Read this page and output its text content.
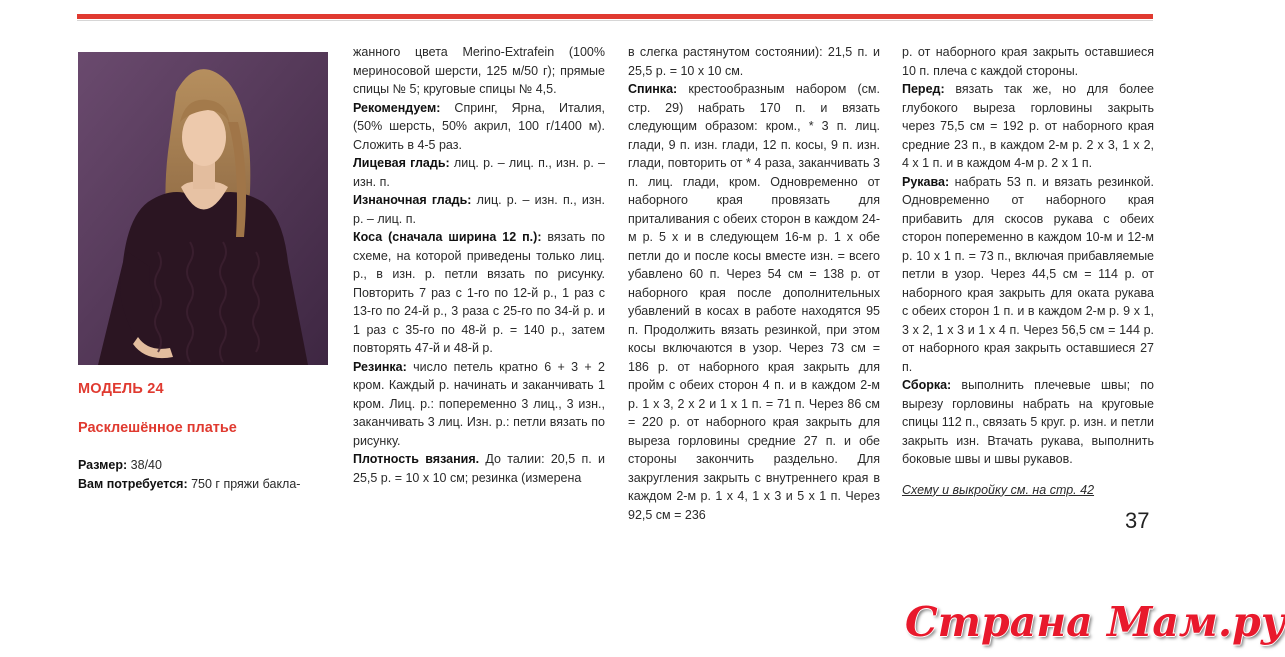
МОДЕЛЬ 24
Расклешённое платье
Размер: 38/40
Вам потребуется: 750 г пряжи бакла-

жанного цвета Merino-Extrafein (100% мериносовой шерсти, 125 м/50 г); прямые спицы № 5; круговые спицы № 4,5.

Рекомендуем: Спринг, Ярна, Италия, (50% шерсть, 50% акрил, 100 г/1400 м). Сложить в 4-5 раз.

Лицевая гладь: лиц. р. – лиц. п., изн. р. – изн. п.

Изнаночная гладь: лиц. р. – изн. п., изн. р. – лиц. п.

Коса (сначала ширина 12 п.): вязать по схеме, на которой приведены только лиц. р., в изн. р. петли вязать по рисунку. Повторить 7 раз с 1-го по 12-й р., 1 раз с 13-го по 24-й р., 3 раза с 25-го по 34-й р. и 1 раз с 35-го по 48-й р. = 140 р., затем повторять 47-й и 48-й р.

Резинка: число петель кратно 6 + 3 + 2 кром. Каждый р. начинать и заканчивать 1 кром. Лиц. р.: попеременно 3 лиц., 3 изн., заканчивать 3 лиц. Изн. р.: петли вязать по рисунку.

Плотность вязания. До талии: 20,5 п. и 25,5 р. = 10 х 10 см; резинка (измерена

в слегка растянутом состоянии): 21,5 п. и 25,5 р. = 10 х 10 см.

Спинка: крестообразным набором (см. стр. 29) набрать 170 п. и вязать следующим образом: кром., * 3 п. лиц. глади, 9 п. изн. глади, 12 п. косы, 9 п. изн. глади, повторить от * 4 раза, заканчивать 3 п. лиц. глади, кром. Одновременно от наборного края провязать для приталивания с обеих сторон в каждом 24-м р. 5 х и в следующем 16-м р. 1 х обе петли до и после косы вместе изн. = всего убавлено 60 п. Через 54 см = 138 р. от наборного края после дополнительных убавлений в косах в работе находятся 95 п. Продолжить вязать резинкой, при этом косы включаются в узор. Через 73 см = 186 р. от наборного края закрыть для пройм с обеих сторон 4 п. и в каждом 2-м р. 1 х 3, 2 х 2 и 1 х 1 п. = 71 п. Через 86 см = 220 р. от наборного края закрыть для выреза горловины средние 27 п. и обе стороны закончить раздельно. Для закругления закрыть с внутреннего края в каждом 2-м р. 1 х 4, 1 х 3 и 5 х 1 п. Через 92,5 см = 236

р. от наборного края закрыть оставшиеся 10 п. плеча с каждой стороны.

Перед: вязать так же, но для более глубокого выреза горловины закрыть через 75,5 см = 192 р. от наборного края средние 23 п., в каждом 2-м р. 2 х 3, 1 х 2, 4 х 1 п. и в каждом 4-м р. 2 х 1 п.

Рукава: набрать 53 п. и вязать резинкой. Одновременно от наборного края прибавить для скосов рукава с обеих сторон попеременно в каждом 10-м и 12-м р. 10 х 1 п. = 73 п., включая прибавляемые петли в узор. Через 44,5 см = 114 р. от наборного края закрыть для оката рукава с обеих сторон 1 п. и в каждом 2-м р. 9 х 1, 3 х 2, 1 х 3 и 1 х 4 п. Через 56,5 см = 144 р. от наборного края закрыть оставшиеся 27 п.

Сборка: выполнить плечевые швы; по вырезу горловины набрать на круговые спицы 112 п., связать 5 круг. р. изн. и петли закрыть изн. Втачать рукава, выполнить боковые швы и швы рукавов.

Схему и выкройку см. на стр. 42

37
Страна Мам.ру
